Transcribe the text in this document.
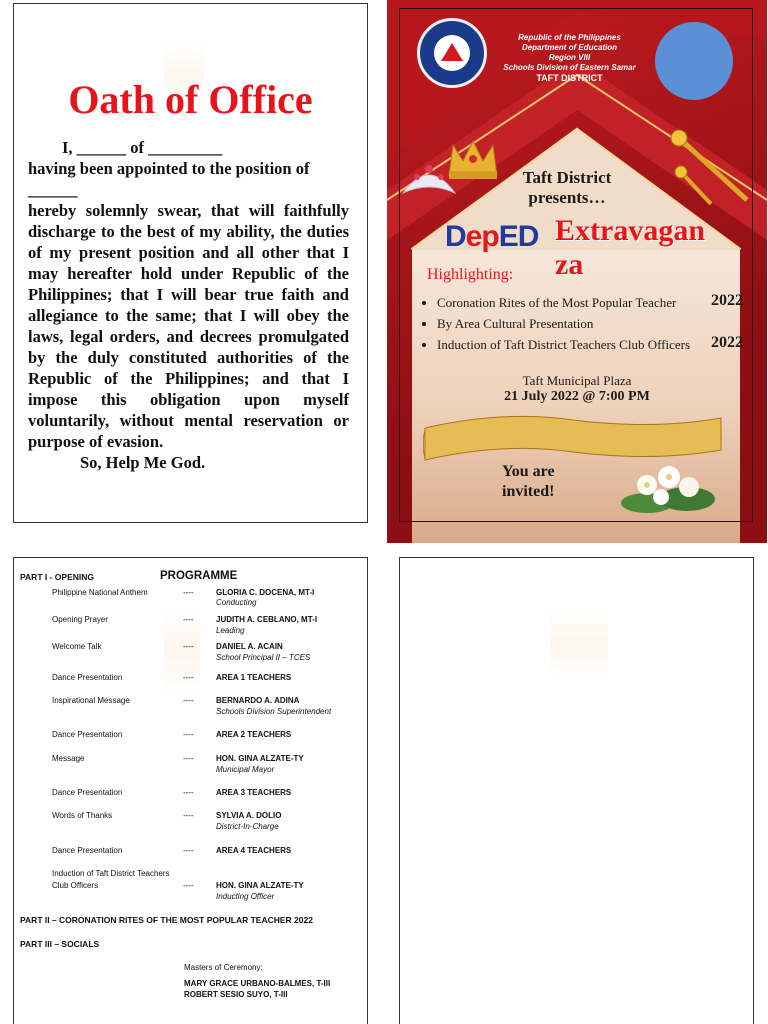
Oath of Office

I, ______ of _________

having been appointed to the position of

______

hereby solemnly swear, that will faithfully discharge to the best of my ability, the duties of my present position and all other that I may hereafter hold under Republic of the Philippines; that I will bear true faith and allegiance to the same; that I will obey the laws, legal orders, and decrees promulgated by the duly constituted authorities of the Republic of the Philippines; and that I impose this obligation upon myself voluntarily, without mental reservation or purpose of evasion.

So, Help Me God.

Republic of the Philippines
Department of Education
Region VIII
Schools Division of Eastern Samar
TAFT DISTRICT
Taft District
presents…
DepED Extravaganza
Highlighting:
• Coronation Rites of the Most Popular Teacher 2022
• By Area Cultural Presentation
• Induction of Taft District Teachers Club Officers 2022
Taft Municipal Plaza
21 July 2022 @ 7:00 PM
You are invited!
PART I - OPENING	PROGRAMME
Philippine National Anthem	----	GLORIA C. DOCENA, MT-I
Conducting
Opening Prayer	----	JUDITH A. CEBLANO, MT-I
Leading
Welcome Talk	----	DANIEL A. ACAIN
School Principal II – TCES
Dance Presentation	----	AREA 1 TEACHERS
Inspirational Message	----	BERNARDO A. ADINA
Schools Division Superintendent
Dance Presentation	----	AREA 2 TEACHERS
Message	----	HON. GINA ALZATE-TY
Municipal Mayor
Dance Presentation	----	AREA 3 TEACHERS
Words of Thanks	----	SYLVIA A. DOLIO
District-In-Charge
Dance Presentation	----	AREA 4 TEACHERS
Induction of Taft District Teachers
Club Officers	----	HON. GINA ALZATE-TY
Inducting Officer
PART II – CORONATION RITES OF THE MOST POPULAR TEACHER 2022
PART III – SOCIALS
Masters of Ceremony:
MARY GRACE URBANO-BALMES, T-III
ROBERT SESIO SUYO, T-III
